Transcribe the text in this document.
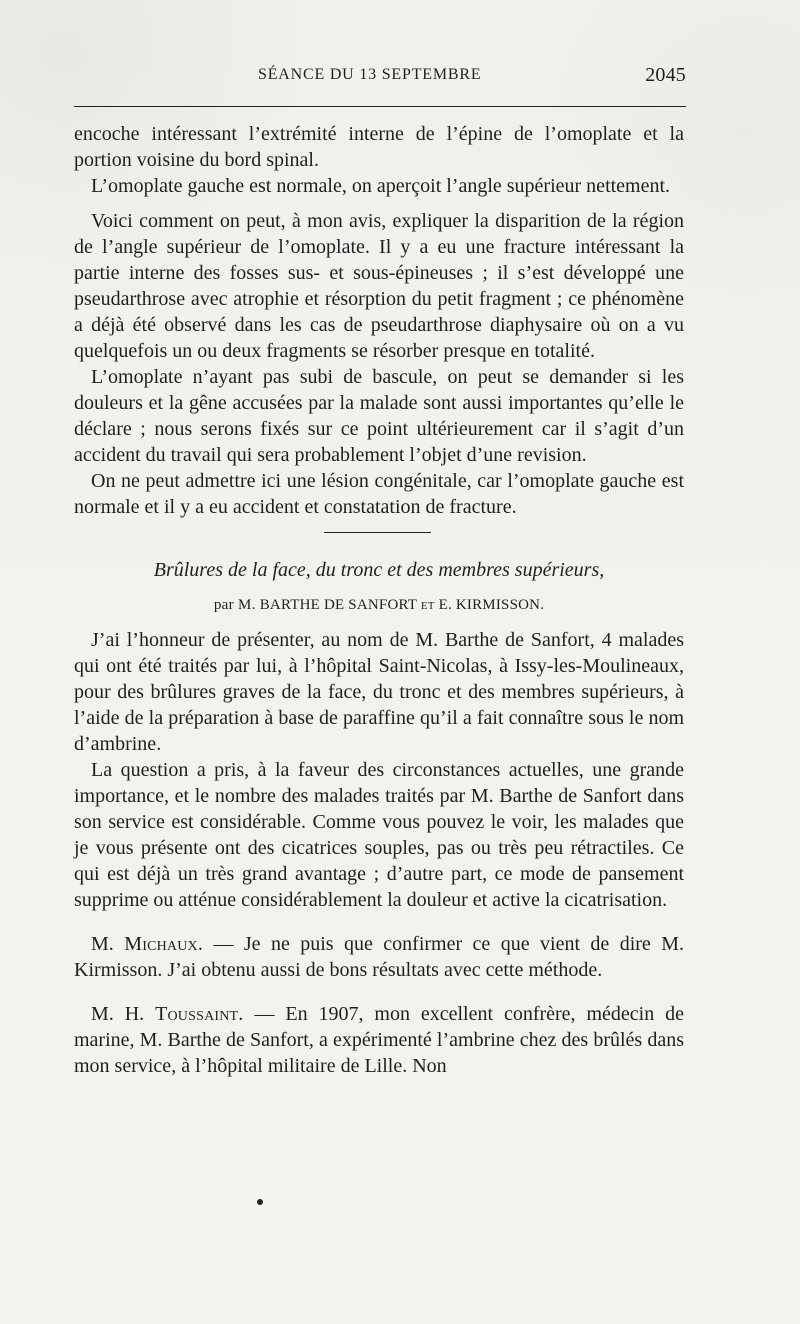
SÉANCE DU 13 SEPTEMBRE	2045

encoche intéressant l’extrémité interne de l’épine de l’omoplate et la portion voisine du bord spinal.

L’omoplate gauche est normale, on aperçoit l’angle supérieur nettement.

Voici comment on peut, à mon avis, expliquer la disparition de la région de l’angle supérieur de l’omoplate. Il y a eu une fracture intéressant la partie interne des fosses sus- et sous-épineuses ; il s’est développé une pseudarthrose avec atrophie et résorption du petit fragment ; ce phénomène a déjà été observé dans les cas de pseudarthrose diaphysaire où on a vu quelquefois un ou deux fragments se résorber presque en totalité.

L’omoplate n’ayant pas subi de bascule, on peut se demander si les douleurs et la gêne accusées par la malade sont aussi importantes qu’elle le déclare ; nous serons fixés sur ce point ultérieurement car il s’agit d’un accident du travail qui sera probablement l’objet d’une revision.

On ne peut admettre ici une lésion congénitale, car l’omoplate gauche est normale et il y a eu accident et constatation de fracture.

Brûlures de la face, du tronc et des membres supérieurs,

par M. BARTHE DE SANFORT et E. KIRMISSON.

J’ai l’honneur de présenter, au nom de M. Barthe de Sanfort, 4 malades qui ont été traités par lui, à l’hôpital Saint-Nicolas, à Issy-les-Moulineaux, pour des brûlures graves de la face, du tronc et des membres supérieurs, à l’aide de la préparation à base de paraffine qu’il a fait connaître sous le nom d’ambrine.

La question a pris, à la faveur des circonstances actuelles, une grande importance, et le nombre des malades traités par M. Barthe de Sanfort dans son service est considérable. Comme vous pouvez le voir, les malades que je vous présente ont des cicatrices souples, pas ou très peu rétractiles. Ce qui est déjà un très grand avantage ; d’autre part, ce mode de pansement supprime ou atténue considérablement la douleur et active la cicatrisation.

M. Michaux. — Je ne puis que confirmer ce que vient de dire M. Kirmisson. J’ai obtenu aussi de bons résultats avec cette méthode.

M. H. Toussaint. — En 1907, mon excellent confrère, médecin de marine, M. Barthe de Sanfort, a expérimenté l’ambrine chez des brûlés dans mon service, à l’hôpital militaire de Lille. Non
